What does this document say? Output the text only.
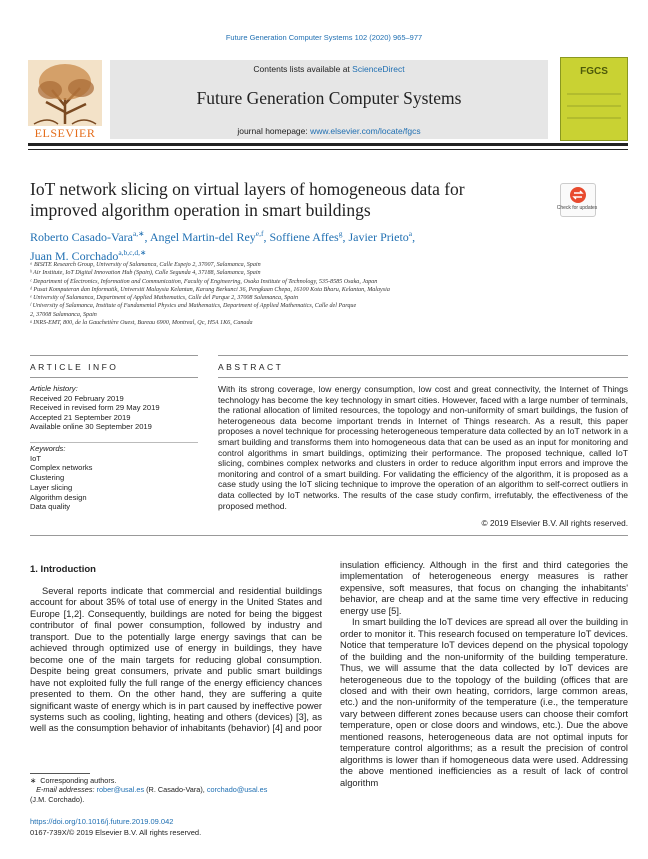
Future Generation Computer Systems 102 (2020) 965–977
ELSEVIER
Contents lists available at ScienceDirect
Future Generation Computer Systems
journal homepage: www.elsevier.com/locate/fgcs
FGCS
IoT network slicing on virtual layers of homogeneous data for
improved algorithm operation in smart buildings	Check for updates
Roberto Casado-Vara$^{a,∗}$, Angel Martin-del Rey$^{e,f}$, Soffiene Affes$^g$, Javier Prieto$^a$,
Juan M. Corchado$^{a,b,c,d,∗}$
ᵃ BISITE Research Group, University of Salamanca, Calle Espejo 2, 37007, Salamanca, Spain
ᵇ Air Institute, IoT Digital Innovation Hub (Spain), Calle Segunda 4, 37188, Salamanca, Spain
ᶜ Department of Electronics, Information and Communication, Faculty of Engineering, Osaka Institute of Technology, 535-8585 Osaka, Japan
ᵈ Pusat Komputeran dan Informatik, Universiti Malaysia Kelantan, Karung Berkunci 36, Pengkaan Chepa, 16100 Kota Bharu, Kelantan, Malaysia
ᵉ University of Salamanca, Department of Applied Mathematics, Calle del Parque 2, 37008 Salamanca, Spain
ᶠ University of Salamanca, Institute of Fundamental Physics and Mathematics, Department of Applied Mathematics, Calle del Parque
2, 37008 Salamanca, Spain
ᵍ INRS-EMT, 800, de la Gauchetière Ouest, Bureau 6900, Montreal, Qc, H5A 1K6, Canada
ARTICLE INFO	ABSTRACT
Article history:
Received 20 February 2019
Received in revised form 29 May 2019
Accepted 21 September 2019
Available online 30 September 2019
Keywords:
IoT
Complex networks
Clustering
Layer slicing
Algorithm design
Data quality
With its strong coverage, low energy consumption, low cost and great connectivity, the Internet of Things technology has become the key technology in smart cities. However, faced with a large number of terminals, the rational allocation of limited resources, the topology and non-uniformity of smart buildings, the fusion of heterogeneous data become important trends in Internet of Things research. As a result, this paper proposes a novel technique for processing heterogeneous temperature data collected by an IoT network in a smart building and transforms them into homogeneous data that can be used as an input for monitoring and control algorithms in smart buildings, optimizing their performance. The proposed technique, called IoT slicing, combines complex networks and clusters in order to reduce algorithm input errors and improve the monitoring and control of a smart building. For validating the efficiency of the algorithm, it is proposed as a case study using the IoT slicing technique to improve the operation of an algorithm to self-correct outliers in data collected by IoT networks. The results of the case study confirm, irrefutably, the effectiveness of the proposed method.
© 2019 Elsevier B.V. All rights reserved.
1. Introduction

Several reports indicate that commercial and residential buildings account for about 35% of total use of energy in the United States and Europe [1,2]. Consequently, buildings are noted for being the biggest contributor of final power consumption, followed by industry and transport. Due to the potentially large energy savings that can be achieved through optimized use of energy in buildings, they have become one of the main targets for reducing global consumption. Despite being great consumers, private and public smart buildings have not exploited fully the full range of the energy efficiency chances presented to them. On the other hand, they are suffering a quite significant waste of energy which is in part caused by ineffective power systems such as cooling, lighting, heating and others (devices) [3], as well as the consumption behavior of inhabitants (behavior) [4] and poor

insulation efficiency. Although in the first and third categories the implementation of heterogeneous energy measures is rather expensive, soft measures, that focus on changing the inhabitants' behavior, are cheap and at the same time very effective in reducing energy use [5].

In smart building the IoT devices are spread all over the building in order to monitor it. This research focused on temperature IoT devices. Notice that temperature IoT devices depend on the physical topology of the building and the non-uniformity of the building temperature. Thus, we will assume that the data collected by IoT devices are heterogeneous due to the topology of the building (offices that are closed and with their own heating, corridors, large common areas, etc.) and the non-uniformity of the temperature (i.e., the temperature vary between different zones because users can choose their comfort temperature, open or close doors and windows, etc.). Due the above mentioned reasons, heterogeneous data are not optimal inputs for temperature control algorithms; as a result the precision of control algorithms is lower than if homogeneous data were used. Addressing the above mentioned inefficiencies as a result of lack of control algorithm

∗ Corresponding authors.
E-mail addresses: rober@usal.es (R. Casado-Vara), corchado@usal.es
(J.M. Corchado).
https://doi.org/10.1016/j.future.2019.09.042
0167-739X/© 2019 Elsevier B.V. All rights reserved.
